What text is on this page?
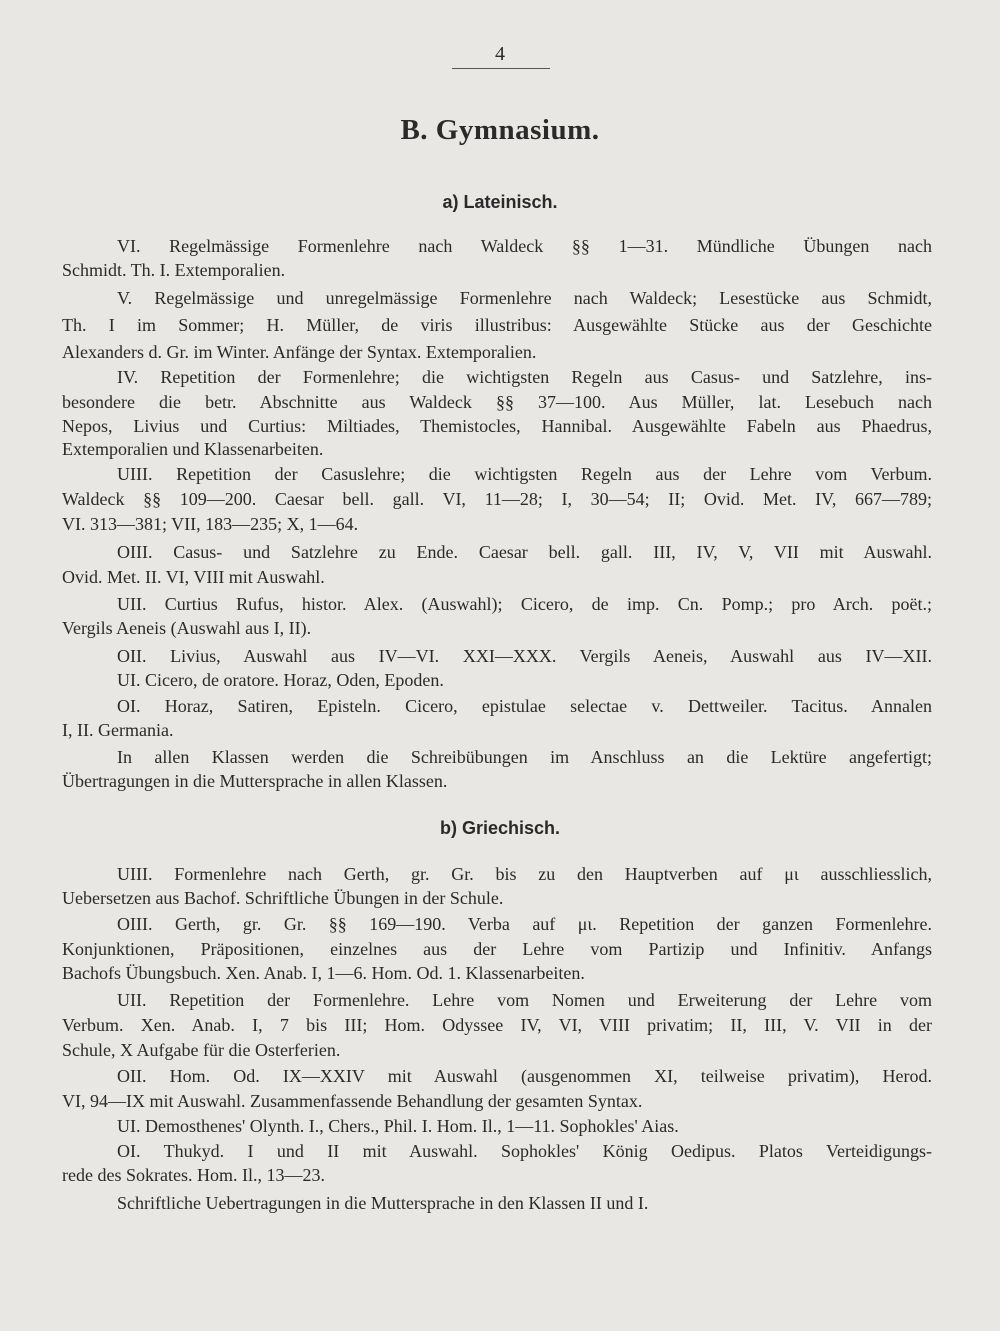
4
B. Gymnasium.
a) Lateinisch.
VI. Regelmässige Formenlehre nach Waldeck §§ 1—31. Mündliche Übungen nach
Schmidt. Th. I. Extemporalien.
V. Regelmässige und unregelmässige Formenlehre nach Waldeck; Lesestücke aus Schmidt,
Th. I im Sommer; H. Müller, de viris illustribus: Ausgewählte Stücke aus der Geschichte
Alexanders d. Gr. im Winter. Anfänge der Syntax. Extemporalien.
IV. Repetition der Formenlehre; die wichtigsten Regeln aus Casus- und Satzlehre, ins-
besondere die betr. Abschnitte aus Waldeck §§ 37—100. Aus Müller, lat. Lesebuch nach
Nepos, Livius und Curtius: Miltiades, Themistocles, Hannibal. Ausgewählte Fabeln aus Phaedrus,
Extemporalien und Klassenarbeiten.
UIII. Repetition der Casuslehre; die wichtigsten Regeln aus der Lehre vom Verbum.
Waldeck §§ 109—200. Caesar bell. gall. VI, 11—28; I, 30—54; II; Ovid. Met. IV, 667—789;
VI. 313—381; VII, 183—235; X, 1—64.
OIII. Casus- und Satzlehre zu Ende. Caesar bell. gall. III, IV, V, VII mit Auswahl.
Ovid. Met. II. VI, VIII mit Auswahl.
UII. Curtius Rufus, histor. Alex. (Auswahl); Cicero, de imp. Cn. Pomp.; pro Arch. poët.;
Vergils Aeneis (Auswahl aus I, II).
OII. Livius, Auswahl aus IV—VI. XXI—XXX. Vergils Aeneis, Auswahl aus IV—XII.
UI. Cicero, de oratore. Horaz, Oden, Epoden.
OI. Horaz, Satiren, Episteln. Cicero, epistulae selectae v. Dettweiler. Tacitus. Annalen
I, II. Germania.
In allen Klassen werden die Schreibübungen im Anschluss an die Lektüre angefertigt;
Übertragungen in die Muttersprache in allen Klassen.
b) Griechisch.
UIII. Formenlehre nach Gerth, gr. Gr. bis zu den Hauptverben auf μι ausschliesslich,
Uebersetzen aus Bachof. Schriftliche Übungen in der Schule.
OIII. Gerth, gr. Gr. §§ 169—190. Verba auf μι. Repetition der ganzen Formenlehre.
Konjunktionen, Präpositionen, einzelnes aus der Lehre vom Partizip und Infinitiv. Anfangs
Bachofs Übungsbuch. Xen. Anab. I, 1—6. Hom. Od. 1. Klassenarbeiten.
UII. Repetition der Formenlehre. Lehre vom Nomen und Erweiterung der Lehre vom
Verbum. Xen. Anab. I, 7 bis III; Hom. Odyssee IV, VI, VIII privatim; II, III, V. VII in der
Schule, X Aufgabe für die Osterferien.
OII. Hom. Od. IX—XXIV mit Auswahl (ausgenommen XI, teilweise privatim), Herod.
VI, 94—IX mit Auswahl. Zusammenfassende Behandlung der gesamten Syntax.
UI. Demosthenes' Olynth. I., Chers., Phil. I. Hom. Il., 1—11. Sophokles' Aias.
OI. Thukyd. I und II mit Auswahl. Sophokles' König Oedipus. Platos Verteidigungs-
rede des Sokrates. Hom. Il., 13—23.
Schriftliche Uebertragungen in die Muttersprache in den Klassen II und I.
